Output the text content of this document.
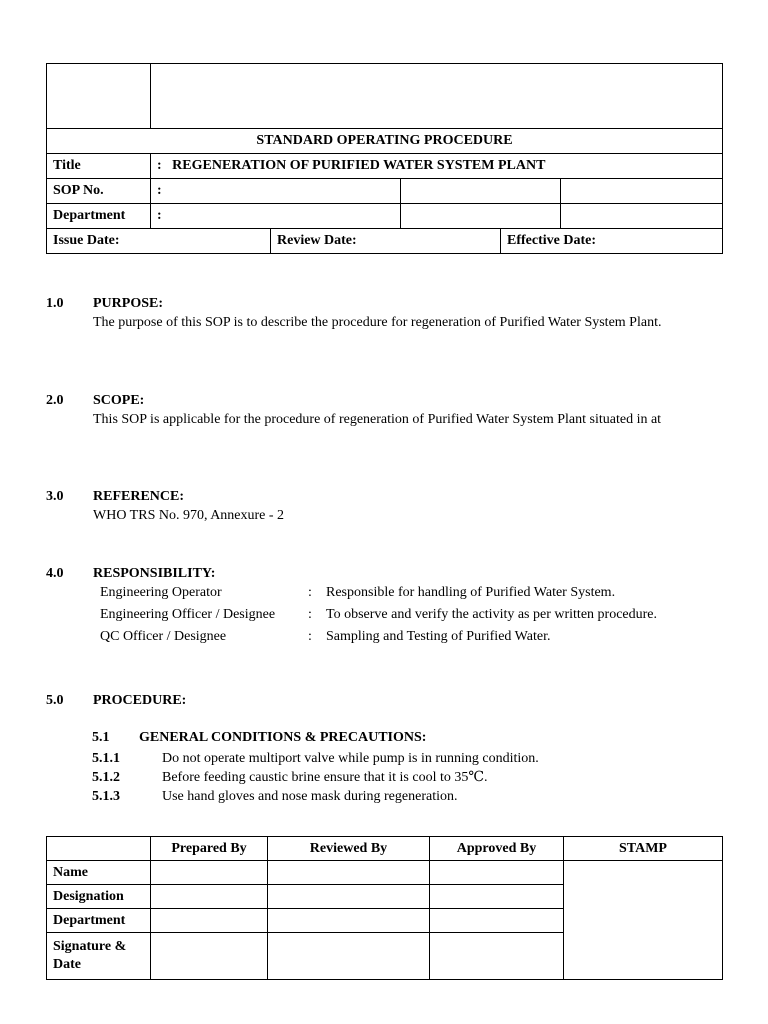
STANDARD OPERATING PROCEDURE					
Title	: REGENERATION OF PURIFIED WATER SYSTEM PLANT				
SOP No.	:				
Department	:				
Issue Date:		Review Date:		Effective Date:	
1.0 PURPOSE:
The purpose of this SOP is to describe the procedure for regeneration of Purified Water System Plant.
2.0 SCOPE:
This SOP is applicable for the procedure of regeneration of Purified Water System Plant situated in at
3.0 REFERENCE:
WHO TRS No. 970, Annexure - 2
4.0 RESPONSIBILITY:
Engineering Operator	: Responsible for handling of Purified Water System.
Engineering Officer / Designee : To observe and verify the activity as per written procedure.
QC Officer / Designee	: Sampling and Testing of Purified Water.
5.0 PROCEDURE:
5.1 GENERAL CONDITIONS & PRECAUTIONS:
5.1.1	Do not operate multiport valve while pump is in running condition.
5.1.2	Before feeding caustic brine ensure that it is cool to 35℃.
5.1.3	Use hand gloves and nose mask during regeneration.
	Prepared By	Reviewed By	Approved By	STAMP
Name				
Designation				
Department				
Signature &
Date				
